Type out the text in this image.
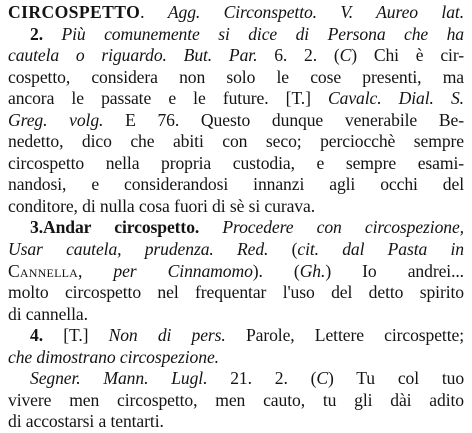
CIRCOSPETTO. Agg. Circonspetto. V. Aureo lat.
2. Più comunemente si dice di Persona che ha
cautela o riguardo. But. Par. 6. 2. (C) Chi è cir-
cospetto, considera non solo le cose presenti, ma
ancora le passate e le future. [T.] Cavalc. Dial. S.
Greg. volg. E 76. Questo dunque venerabile Be-
nedetto, dico che abiti con seco; perciocchè sempre
circospetto nella propria custodia, e sempre esami-
nandosi, e considerandosi innanzi agli occhi del
conditore, di nulla cosa fuori di sè si curava.
3.Andar circospetto. Procedere con circospezione,
Usar cautela, prudenza. Red. (cit. dal Pasta in
Cannella, per Cinnamomo). (Gh.) Io andrei...
molto circospetto nel frequentar l'uso del detto spirito
di cannella.
4. [T.] Non di pers. Parole, Lettere circospette;
che dimostrano circospezione.
Segner. Mann. Lugl. 21. 2. (C) Tu col tuo
vivere men circospetto, men cauto, tu gli dài adito
di accostarsi a tentarti.
